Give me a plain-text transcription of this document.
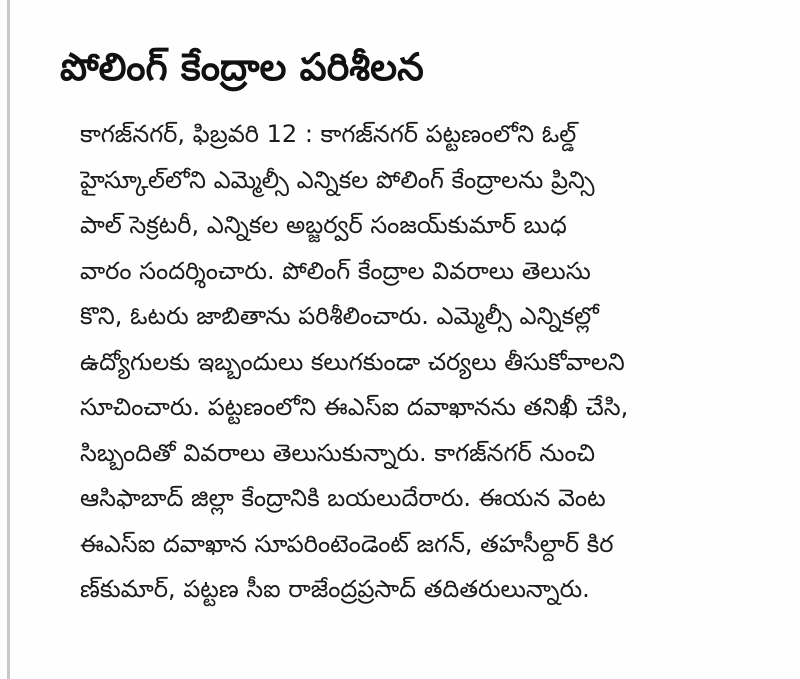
పోలింగ్ కేంద్రాల పరిశీలన
కాగజ్‌నగర్, ఫిబ్రవరి 12 : కాగజ్‌నగర్ పట్టణంలోని ఓల్డ్
హైస్కూల్‌లోని ఎమ్మెల్సీ ఎన్నికల పోలింగ్ కేంద్రాలను ప్రిన్సి
పాల్ సెక్రటరీ, ఎన్నికల అబ్జర్వర్ సంజయ్‌కుమార్ బుధ
వారం సందర్శించారు. పోలింగ్ కేంద్రాల వివరాలు తెలుసు
కొని, ఓటరు జాబితాను పరిశీలించారు. ఎమ్మెల్సీ ఎన్నికల్లో
ఉద్యోగులకు ఇబ్బందులు కలుగకుండా చర్యలు తీసుకోవాలని
సూచించారు. పట్టణంలోని ఈఎస్ఐ దవాఖానను తనిఖీ చేసి,
సిబ్బందితో వివరాలు తెలుసుకున్నారు. కాగజ్‌నగర్ నుంచి
ఆసిఫాబాద్ జిల్లా కేంద్రానికి బయలుదేరారు. ఈయన వెంట
ఈఎస్ఐ దవాఖాన సూపరింటెండెంట్ జగన్, తహసీల్దార్ కిర
ణ్‌కుమార్, పట్టణ సీఐ రాజేంద్రప్రసాద్ తదితరులున్నారు.
